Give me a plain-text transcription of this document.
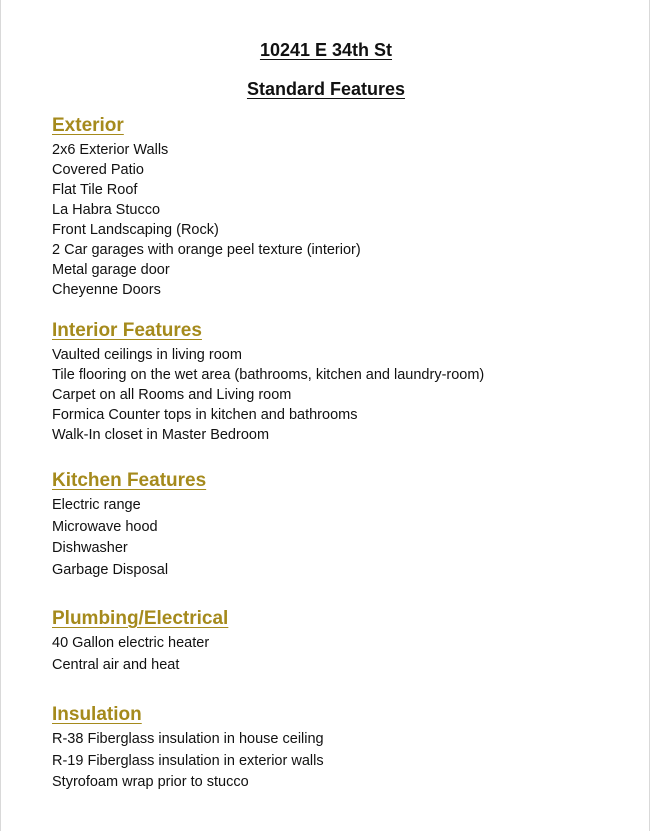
10241 E 34th St
Standard Features
Exterior
2x6 Exterior Walls
Covered Patio
Flat Tile Roof
La Habra Stucco
Front Landscaping (Rock)
2 Car garages with orange peel texture (interior)
Metal garage door
Cheyenne Doors
Interior Features
Vaulted ceilings in living room
Tile flooring on the wet area (bathrooms, kitchen and laundry-room)
Carpet on all Rooms and Living room
Formica Counter tops in kitchen and bathrooms
Walk-In closet in Master Bedroom
Kitchen Features
Electric range
Microwave hood
Dishwasher
Garbage Disposal
Plumbing/Electrical
40 Gallon electric heater
Central air and heat
Insulation
R-38 Fiberglass insulation in house ceiling
R-19 Fiberglass insulation in exterior walls
Styrofoam wrap prior to stucco
